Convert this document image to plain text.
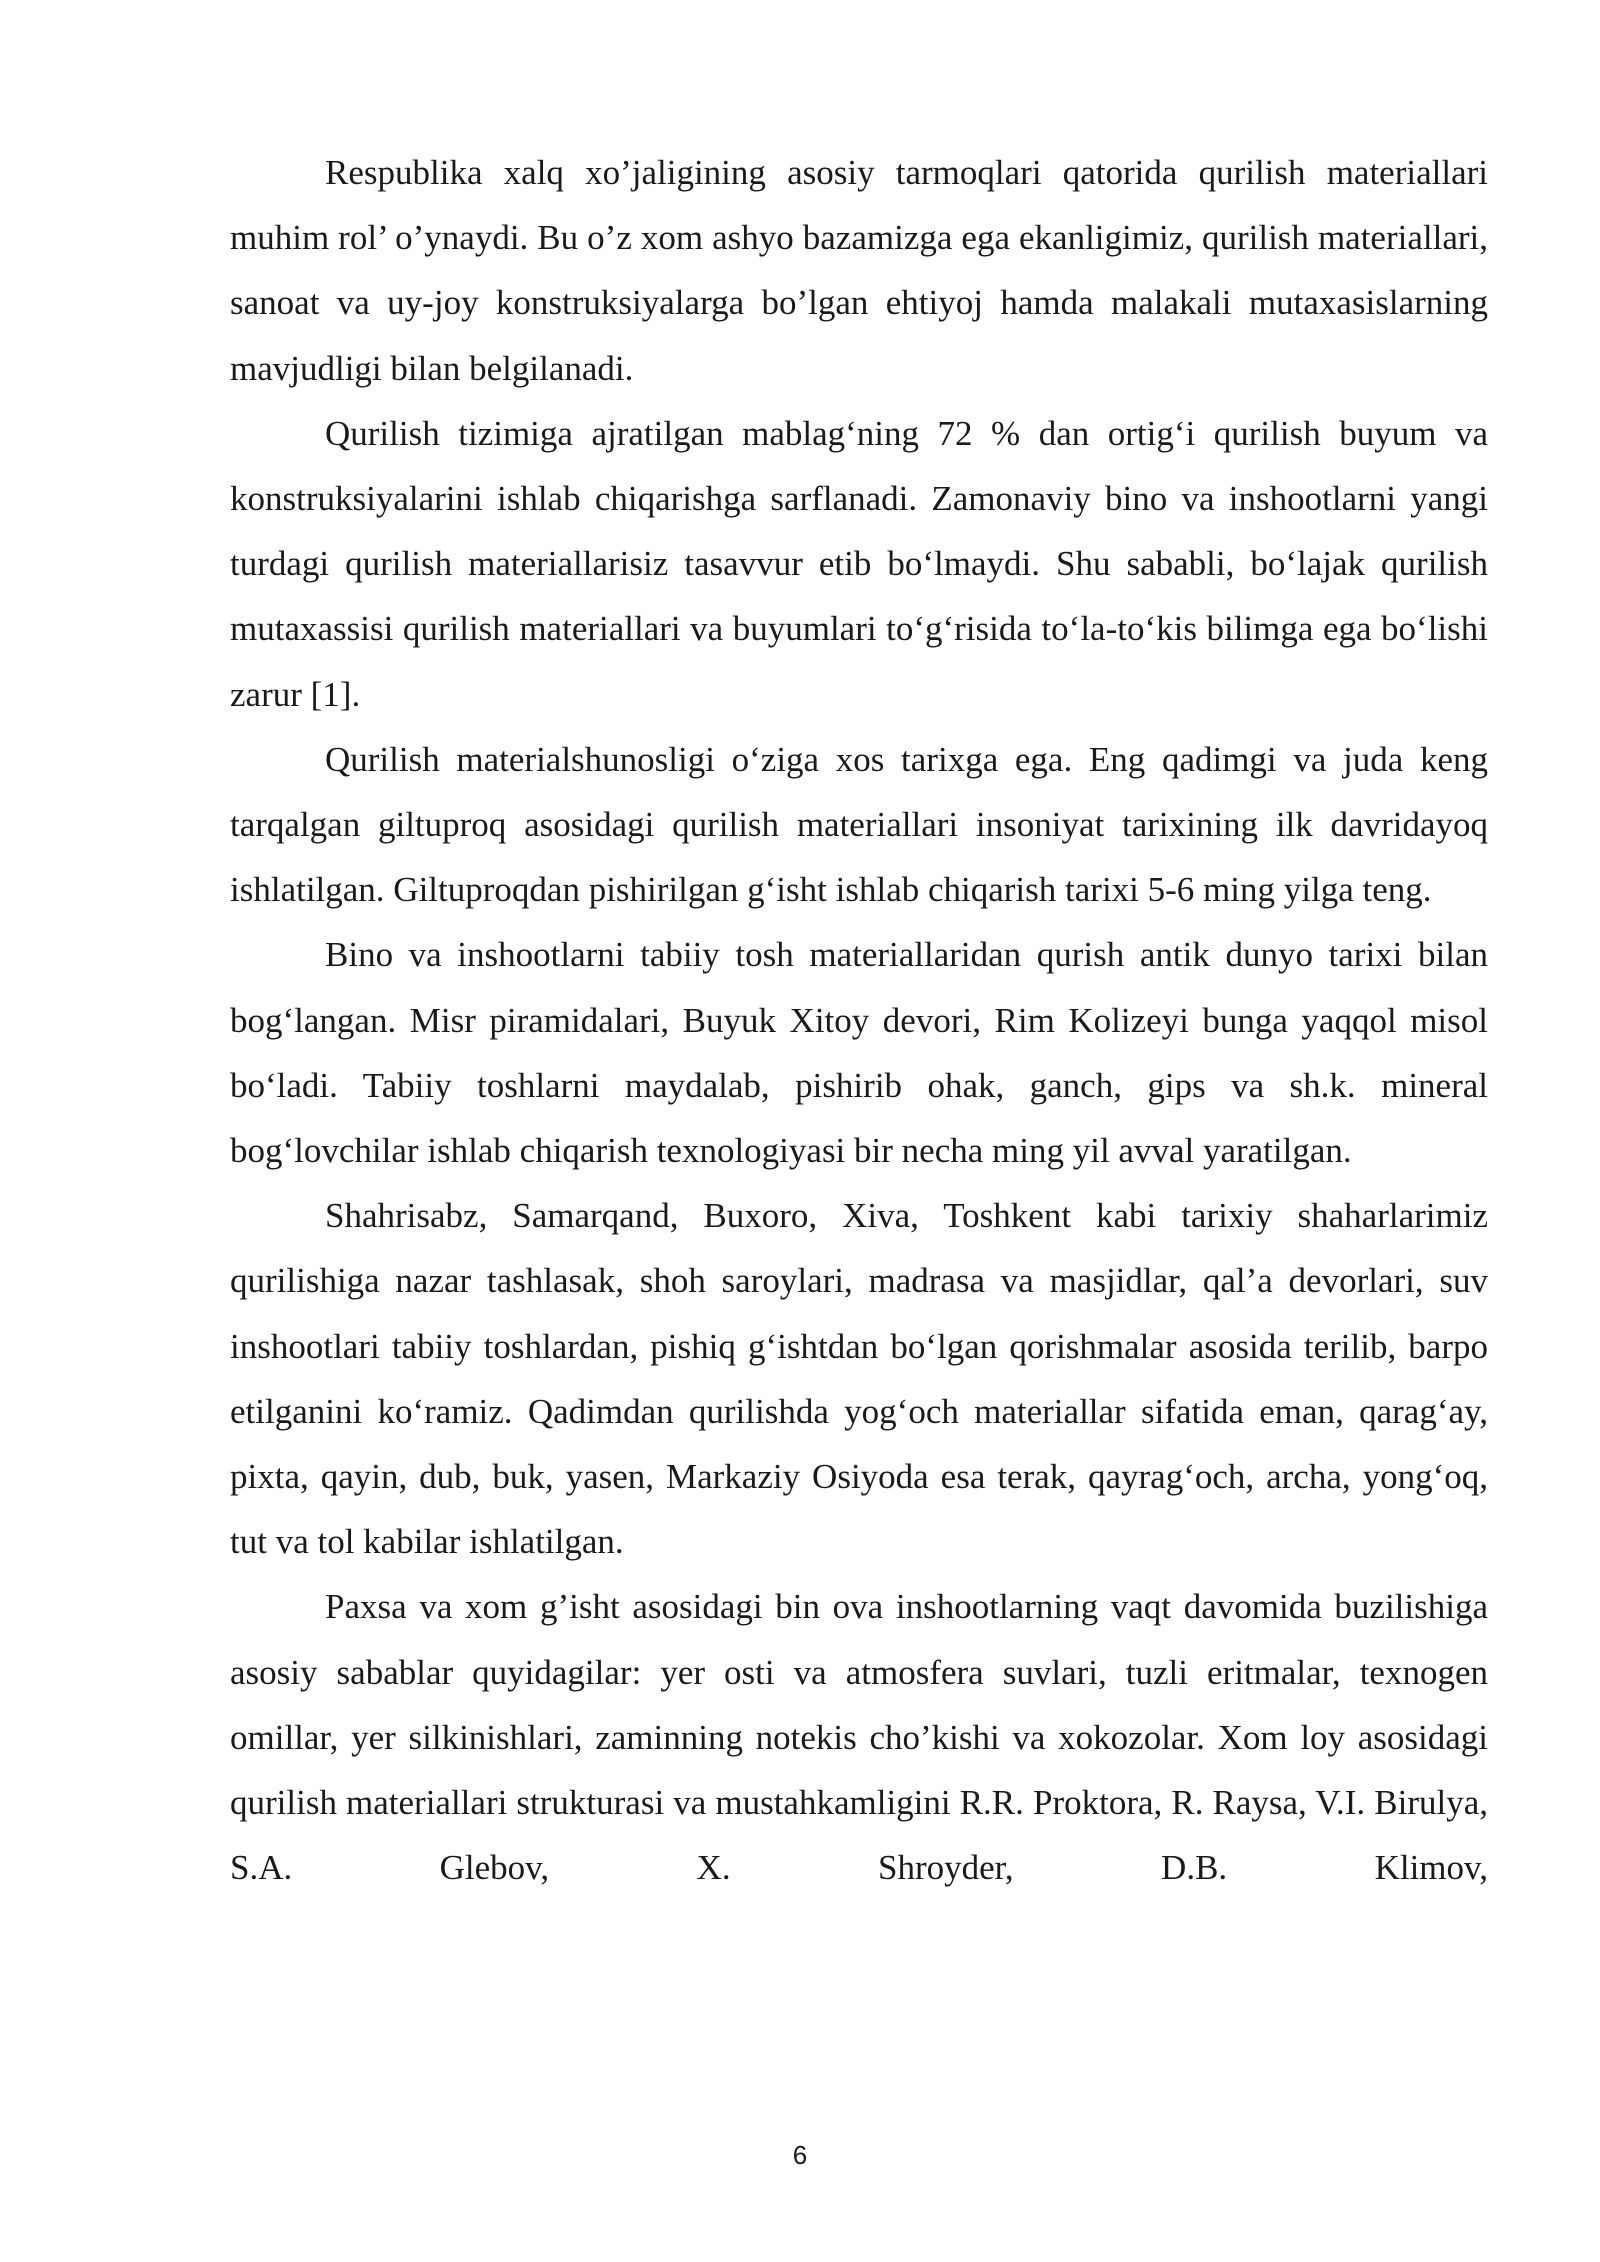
Respublika xalq xo’jaligining asosiy tarmoqlari qatorida qurilish materiallari muhim rol’ o’ynaydi. Bu o’z xom ashyo bazamizga ega ekanligimiz, qurilish materiallari, sanoat va uy-joy konstruksiyalarga bo’lgan ehtiyoj hamda malakali mutaxasislarning mavjudligi bilan belgilanadi.

Qurilish tizimiga ajratilgan mablag‘ning 72 % dan ortig‘i qurilish buyum va konstruksiyalarini ishlab chiqarishga sarflanadi. Zamonaviy bino va inshootlarni yangi turdagi qurilish materiallarisiz tasavvur etib bo‘lmaydi. Shu sababli, bo‘lajak qurilish mutaxassisi qurilish materiallari va buyumlari to‘g‘risida to‘la-to‘kis bilimga ega bo‘lishi zarur [1].

Qurilish materialshunosligi o‘ziga xos tarixga ega. Eng qadimgi va juda keng tarqalgan giltuproq asosidagi qurilish materiallari insoniyat tarixining ilk davridayoq ishlatilgan. Giltuproqdan pishirilgan g‘isht ishlab chiqarish tarixi 5-6 ming yilga teng.

Bino va inshootlarni tabiiy tosh materiallaridan qurish antik dunyo tarixi bilan bog‘langan. Misr piramidalari, Buyuk Xitoy devori, Rim Kolizeyi bunga yaqqol misol bo‘ladi. Tabiiy toshlarni maydalab, pishirib ohak, ganch, gips va sh.k. mineral bog‘lovchilar ishlab chiqarish texnologiyasi bir necha ming yil avval yaratilgan.

Shahrisabz, Samarqand, Buxoro, Xiva, Toshkent kabi tarixiy shaharlarimiz qurilishiga nazar tashlasak, shoh saroylari, madrasa va masjidlar, qal’a devorlari, suv inshootlari tabiiy toshlardan, pishiq g‘ishtdan bo‘lgan qorishmalar asosida terilib, barpo etilganini ko‘ramiz. Qadimdan qurilishda yog‘och materiallar sifatida eman, qarag‘ay, pixta, qayin, dub, buk, yasen, Markaziy Osiyoda esa terak, qayrag‘och, archa, yong‘oq, tut va tol kabilar ishlatilgan.

Paxsa va xom g’isht asosidagi bin ova inshootlarning vaqt davomida buzilishiga asosiy sabablar quyidagilar: yer osti va atmosfera suvlari, tuzli eritmalar, texnogen omillar, yer silkinishlari, zaminning notekis cho’kishi va xokozolar. Xom loy asosidagi qurilish materiallari strukturasi va mustahkamligini R.R. Proktora, R. Raysa, V.I. Birulya, S.A. Glebov, X. Shroyder, D.B. Klimov,

6
